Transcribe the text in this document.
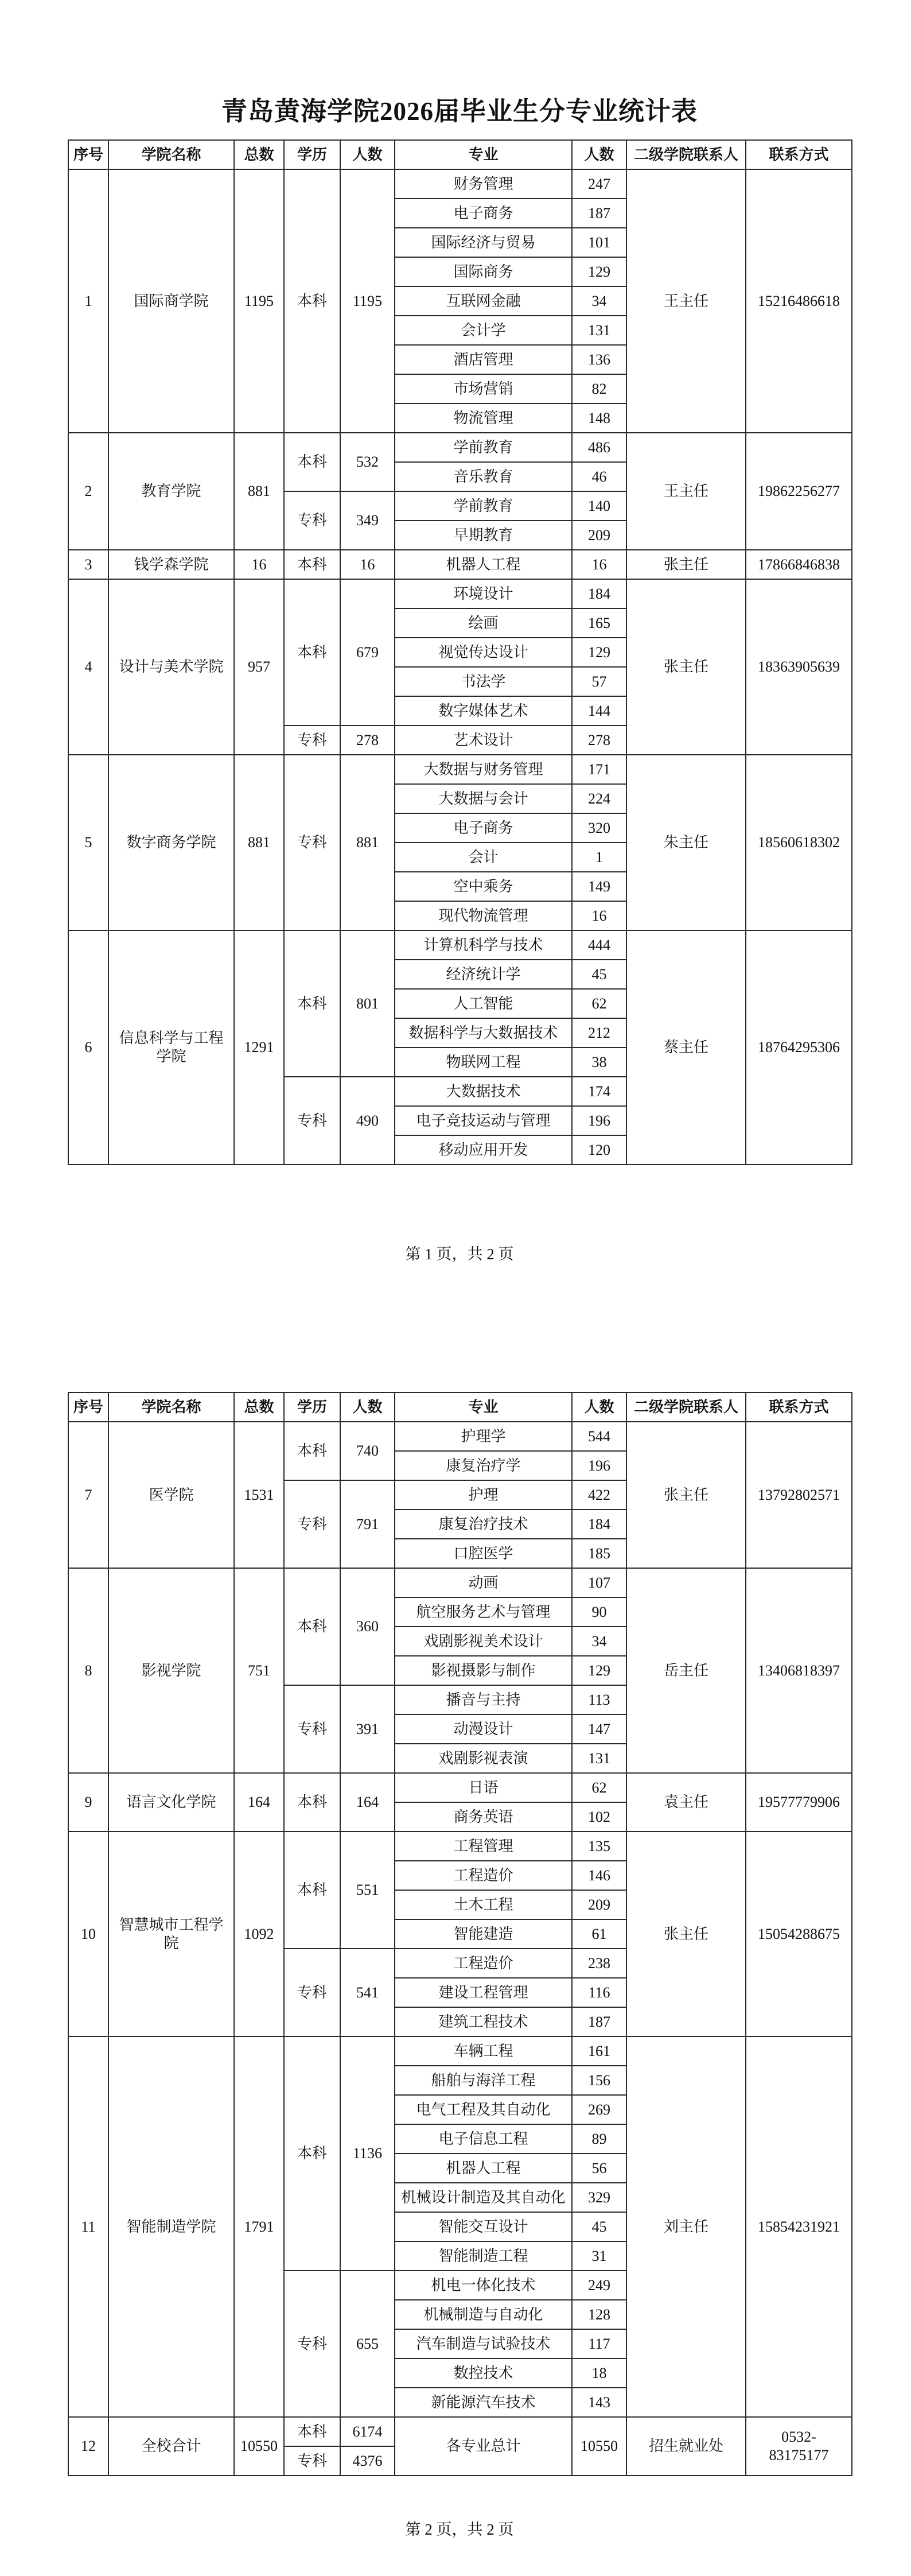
青岛黄海学院2026届毕业生分专业统计表
序号	学院名称	总数	学历	人数	专业	人数	二级学院联系人	联系方式
1	国际商学院	1195	本科	1195	财务管理	247	王主任	15216486618
					电子商务	187		
					国际经济与贸易	101		
					国际商务	129		
					互联网金融	34		
					会计学	131		
					酒店管理	136		
					市场营销	82		
					物流管理	148		
2	教育学院	881	本科	532	学前教育	486	王主任	19862256277
					音乐教育	46		
			专科	349	学前教育	140		
					早期教育	209		
3	钱学森学院	16	本科	16	机器人工程	16	张主任	17866846838
4	设计与美术学院	957	本科	679	环境设计	184	张主任	18363905639
					绘画	165		
					视觉传达设计	129		
					书法学	57		
					数字媒体艺术	144		
			专科	278	艺术设计	278		
5	数字商务学院	881	专科	881	大数据与财务管理	171	朱主任	18560618302
					大数据与会计	224		
					电子商务	320		
					会计	1		
					空中乘务	149		
					现代物流管理	16		
6	信息科学与工程学院	1291	本科	801	计算机科学与技术	444	蔡主任	18764295306
					经济统计学	45		
					人工智能	62		
					数据科学与大数据技术	212		
					物联网工程	38		
			专科	490	大数据技术	174		
					电子竞技运动与管理	196		
					移动应用开发	120		
第 1 页，共 2 页
序号	学院名称	总数	学历	人数	专业	人数	二级学院联系人	联系方式
7	医学院	1531	本科	740	护理学	544	张主任	13792802571
					康复治疗学	196		
			专科	791	护理	422		
					康复治疗技术	184		
					口腔医学	185		
8	影视学院	751	本科	360	动画	107	岳主任	13406818397
					航空服务艺术与管理	90		
					戏剧影视美术设计	34		
					影视摄影与制作	129		
			专科	391	播音与主持	113		
					动漫设计	147		
					戏剧影视表演	131		
9	语言文化学院	164	本科	164	日语	62	袁主任	19577779906
					商务英语	102		
10	智慧城市工程学院	1092	本科	551	工程管理	135	张主任	15054288675
					工程造价	146		
					土木工程	209		
					智能建造	61		
			专科	541	工程造价	238		
					建设工程管理	116		
					建筑工程技术	187		
11	智能制造学院	1791	本科	1136	车辆工程	161	刘主任	15854231921
					船舶与海洋工程	156		
					电气工程及其自动化	269		
					电子信息工程	89		
					机器人工程	56		
					机械设计制造及其自动化	329		
					智能交互设计	45		
					智能制造工程	31		
			专科	655	机电一体化技术	249		
					机械制造与自动化	128		
					汽车制造与试验技术	117		
					数控技术	18		
					新能源汽车技术	143		
12	全校合计	10550	本科	6174	各专业总计	10550	招生就业处	0532-83175177
			专科	4376				
第 2 页，共 2 页
